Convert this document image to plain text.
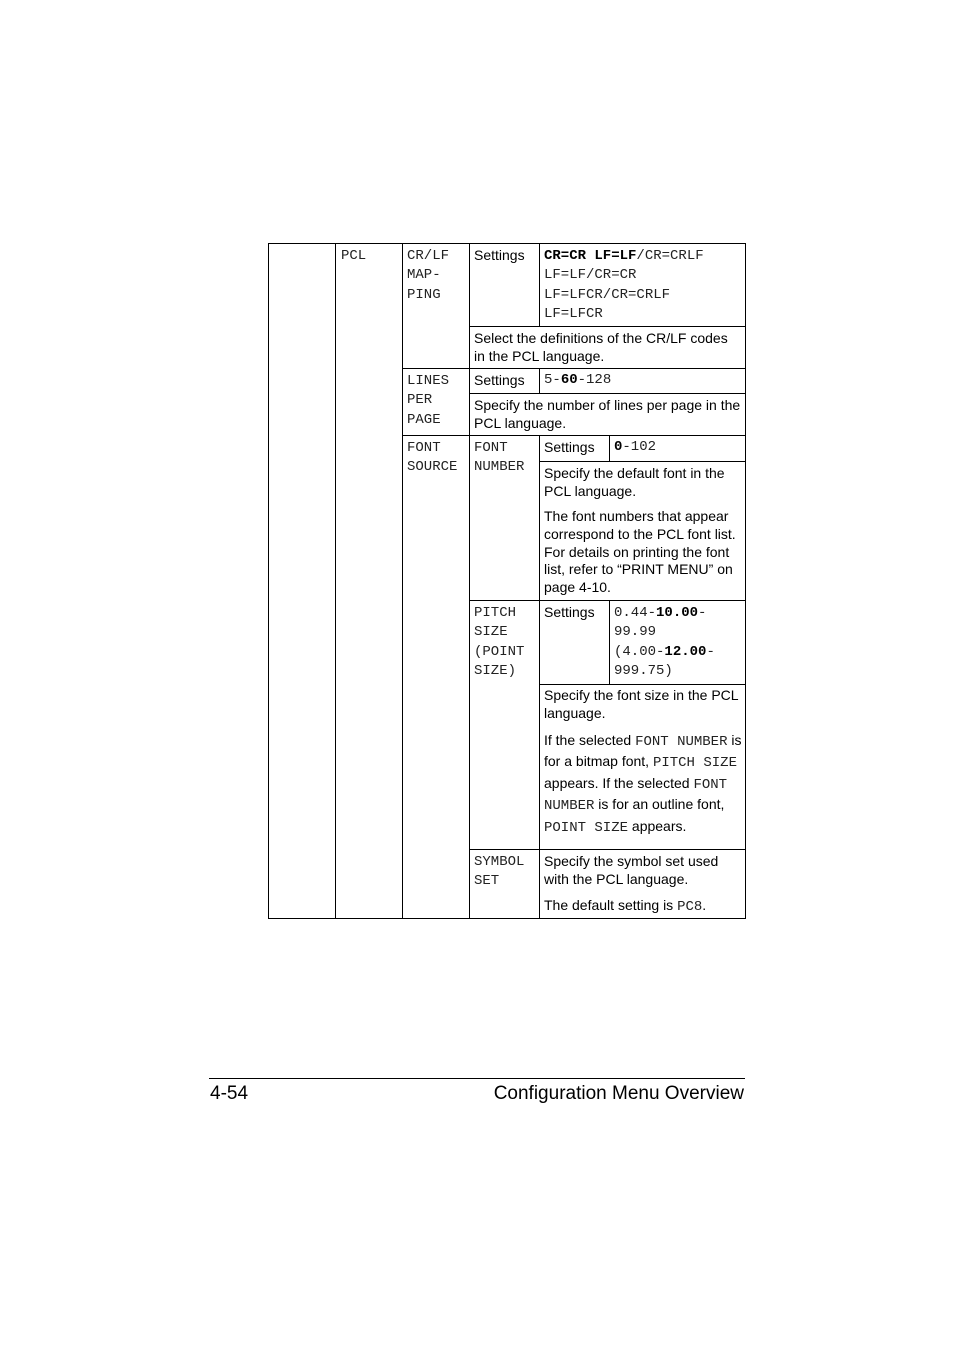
PCL	CR/LF
MAP-
PING
Settings CR=CR LF=LF/CR=CRLF
LF=LF/CR=CR
LF=LFCR/CR=CRLF
LF=LFCR
Select the definitions of the CR/LF codes in the PCL language.
LINES
PER
PAGE
Settings 5-60-128
Specify the number of lines per page in the PCL language.
FONT
SOURCE
FONT
NUMBER
Settings 0-102
Specify the default font in the PCL language.
The font numbers that appear correspond to the PCL font list. For details on printing the font list, refer to “PRINT MENU” on page 4-10.
PITCH
SIZE
(POINT
SIZE)
Settings 0.44-10.00-
99.99
(4.00-12.00-
999.75)
Specify the font size in the PCL language.
If the selected FONT NUMBER is for a bitmap font, PITCH SIZE appears. If the selected FONT NUMBER is for an outline font, POINT SIZE appears.
SYMBOL
SET
Specify the symbol set used with the PCL language.
The default setting is PC8.
4-54	Configuration Menu Overview
